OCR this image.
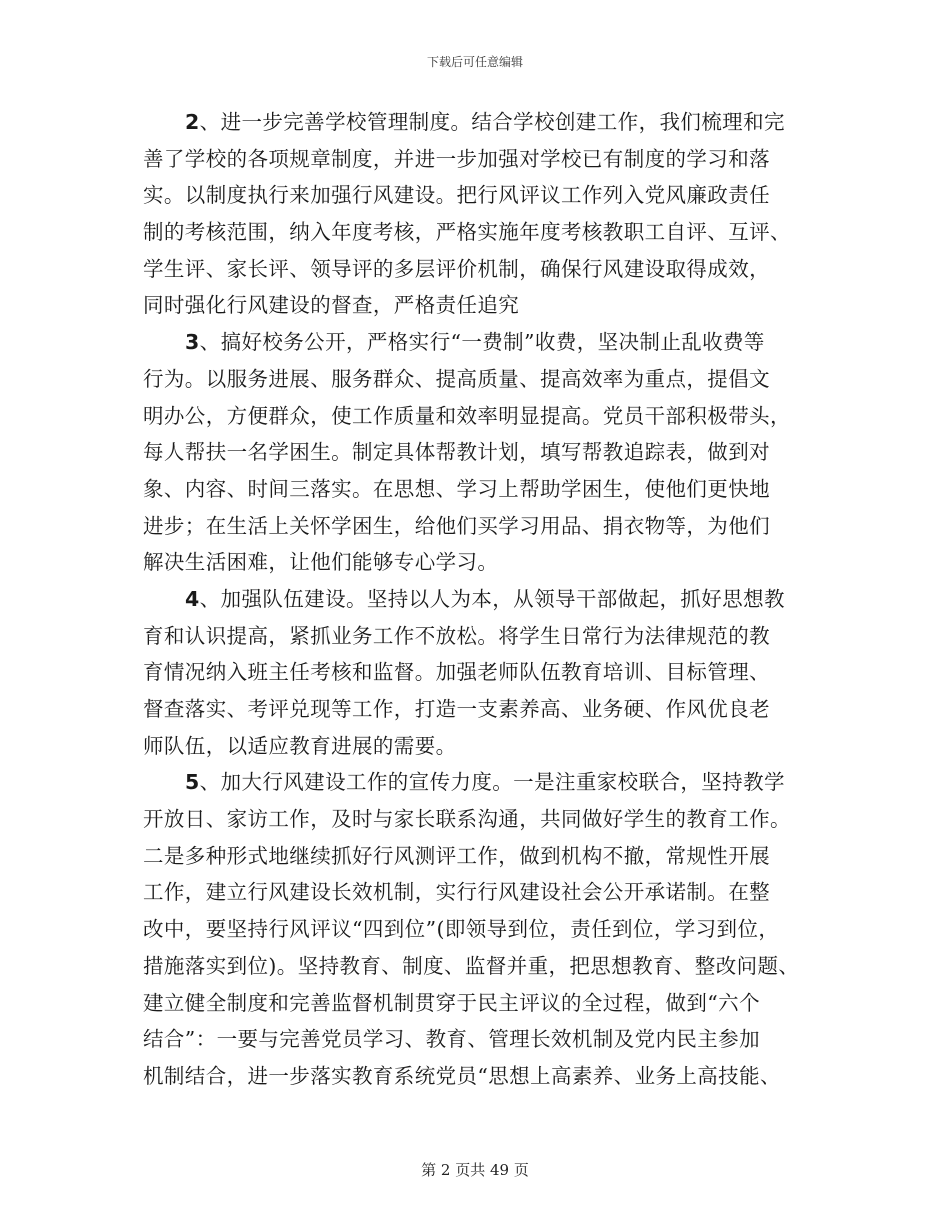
下载后可任意编辑
2、进一步完善学校管理制度。结合学校创建工作，我们梳理和完
善了学校的各项规章制度，并进一步加强对学校已有制度的学习和落
实。以制度执行来加强行风建设。把行风评议工作列入党风廉政责任
制的考核范围，纳入年度考核，严格实施年度考核教职工自评、互评、
学生评、家长评、领导评的多层评价机制，确保行风建设取得成效，
同时强化行风建设的督查，严格责任追究
3、搞好校务公开，严格实行“一费制”收费，坚决制止乱收费等
行为。以服务进展、服务群众、提高质量、提高效率为重点，提倡文
明办公，方便群众，使工作质量和效率明显提高。党员干部积极带头，
每人帮扶一名学困生。制定具体帮教计划，填写帮教追踪表，做到对
象、内容、时间三落实。在思想、学习上帮助学困生，使他们更快地
进步；在生活上关怀学困生，给他们买学习用品、捐衣物等，为他们
解决生活困难，让他们能够专心学习。
4、加强队伍建设。坚持以人为本，从领导干部做起，抓好思想教
育和认识提高，紧抓业务工作不放松。将学生日常行为法律规范的教
育情况纳入班主任考核和监督。加强老师队伍教育培训、目标管理、
督查落实、考评兑现等工作，打造一支素养高、业务硬、作风优良老
师队伍，以适应教育进展的需要。
5、加大行风建设工作的宣传力度。一是注重家校联合，坚持教学
开放日、家访工作，及时与家长联系沟通，共同做好学生的教育工作。
二是多种形式地继续抓好行风测评工作，做到机构不撤，常规性开展
工作，建立行风建设长效机制，实行行风建设社会公开承诺制。在整
改中，要坚持行风评议“四到位”(即领导到位，责任到位，学习到位，
措施落实到位)。坚持教育、制度、监督并重，把思想教育、整改问题、
建立健全制度和完善监督机制贯穿于民主评议的全过程，做到“六个
结合”：一要与完善党员学习、教育、管理长效机制及党内民主参加
机制结合，进一步落实教育系统党员“思想上高素养、业务上高技能、
第 2 页共 49 页
